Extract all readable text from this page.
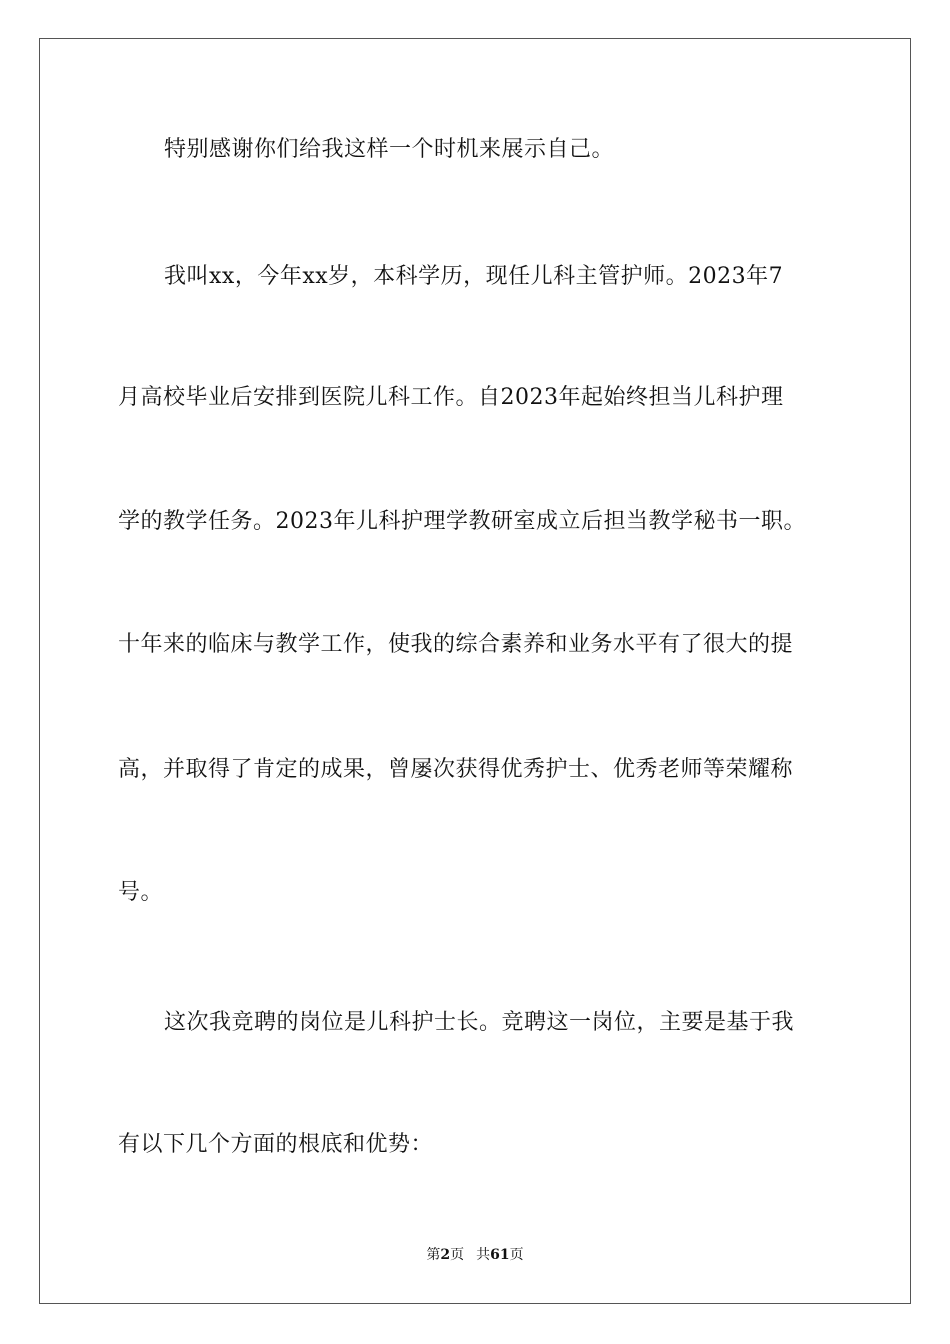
特别感谢你们给我这样一个时机来展示自己。
我叫xx，今年xx岁，本科学历，现任儿科主管护师。2023年7
月高校毕业后安排到医院儿科工作。自2023年起始终担当儿科护理
学的教学任务。2023年儿科护理学教研室成立后担当教学秘书一职。
十年来的临床与教学工作，使我的综合素养和业务水平有了很大的提
高，并取得了肯定的成果，曾屡次获得优秀护士、优秀老师等荣耀称
号。
这次我竞聘的岗位是儿科护士长。竞聘这一岗位，主要是基于我
有以下几个方面的根底和优势：
第2页 共61页
